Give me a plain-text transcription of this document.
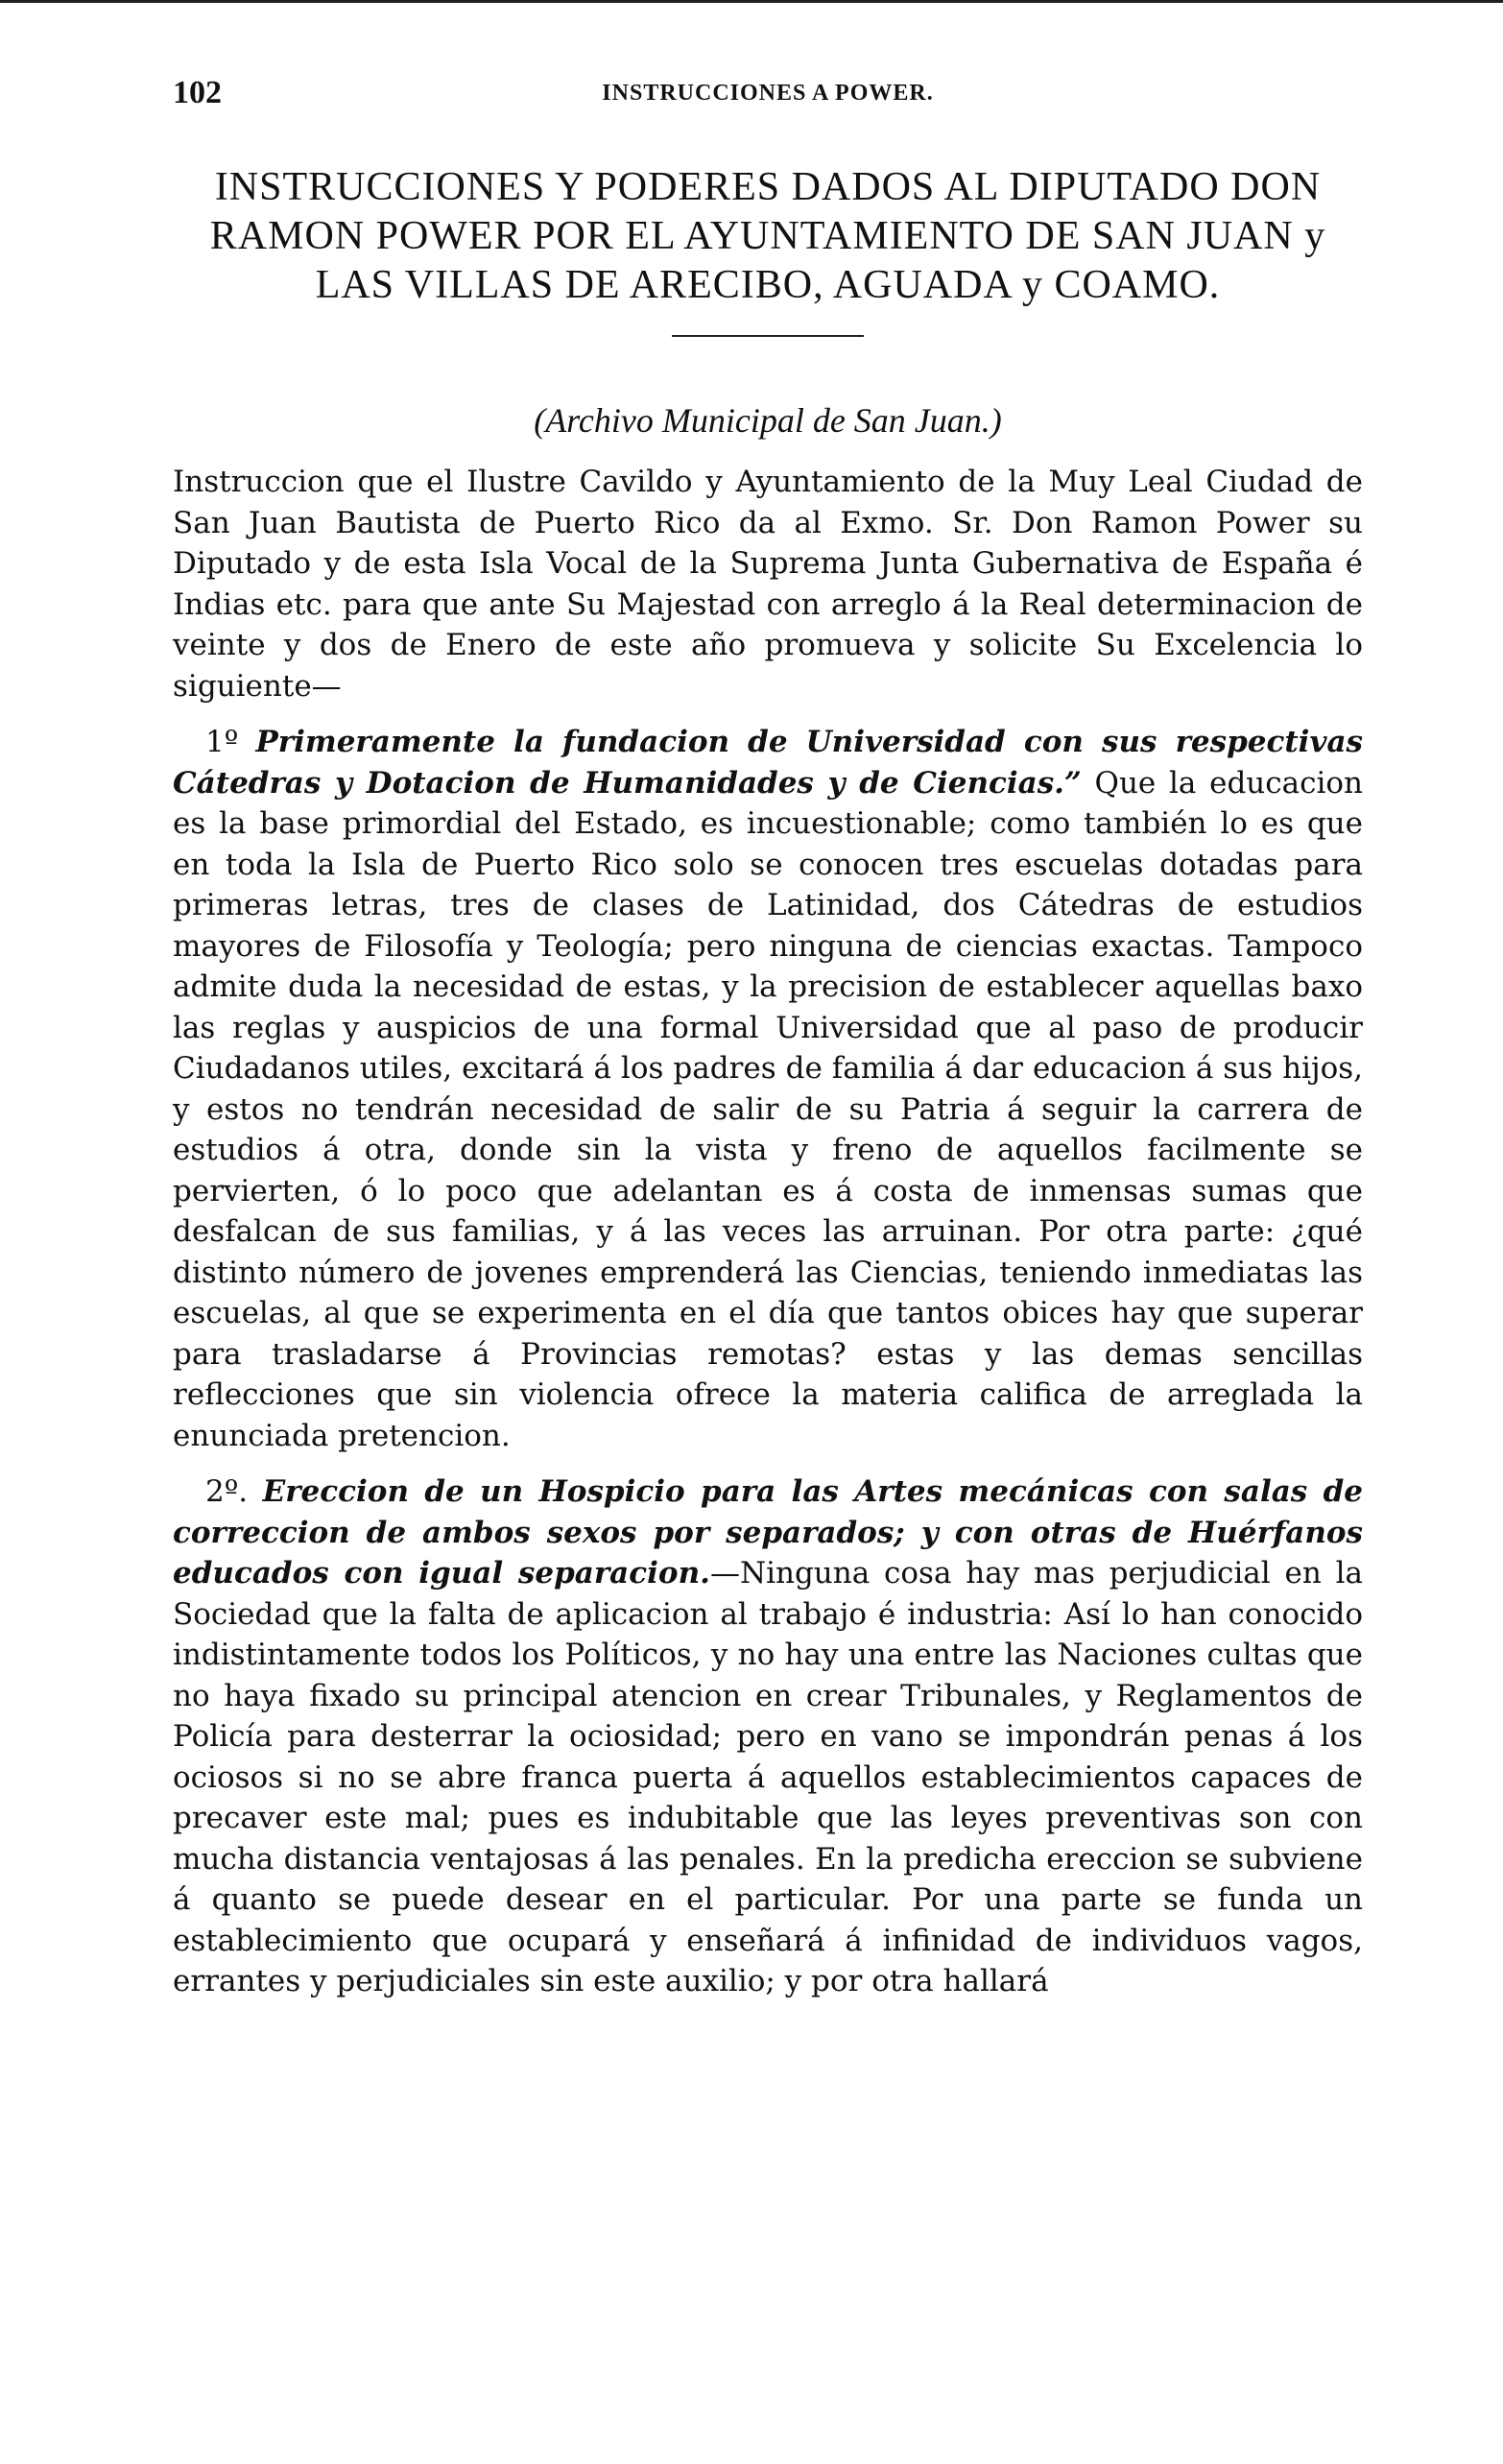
102	INSTRUCCIONES A POWER.
INSTRUCCIONES Y PODERES DADOS AL DIPUTADO DON RAMON POWER POR EL AYUNTAMIENTO DE SAN JUAN y LAS VILLAS DE ARECIBO, AGUADA y COAMO.

(Archivo Municipal de San Juan.)

Instruccion que el Ilustre Cavildo y Ayuntamiento de la Muy Leal Ciudad de San Juan Bautista de Puerto Rico da al Exmo. Sr. Don Ramon Power su Diputado y de esta Isla Vocal de la Suprema Junta Gubernativa de España é Indias etc. para que ante Su Majestad con arreglo á la Real determinacion de veinte y dos de Enero de este año promueva y solicite Su Excelencia lo siguiente—

1º Primeramente la fundacion de Universidad con sus respectivas Cátedras y Dotacion de Humanidades y de Ciencias.” Que la educacion es la base primordial del Estado, es incuestionable; como también lo es que en toda la Isla de Puerto Rico solo se conocen tres escuelas dotadas para primeras letras, tres de clases de Latinidad, dos Cátedras de estudios mayores de Filosofía y Teología; pero ninguna de ciencias exactas. Tampoco admite duda la necesidad de estas, y la precision de establecer aquellas baxo las reglas y auspicios de una formal Universidad que al paso de producir Ciudadanos utiles, excitará á los padres de familia á dar educacion á sus hijos, y estos no tendrán necesidad de salir de su Patria á seguir la carrera de estudios á otra, donde sin la vista y freno de aquellos facilmente se pervierten, ó lo poco que adelantan es á costa de inmensas sumas que desfalcan de sus familias, y á las veces las arruinan. Por otra parte: ¿qué distinto número de jovenes emprenderá las Ciencias, teniendo inmediatas las escuelas, al que se experimenta en el día que tantos obices hay que superar para trasladarse á Provincias remotas? estas y las demas sencillas reflecciones que sin violencia ofrece la materia califica de arreglada la enunciada pretencion.

2º. Ereccion de un Hospicio para las Artes mecánicas con salas de correccion de ambos sexos por separados; y con otras de Huérfanos educados con igual separacion.—Ninguna cosa hay mas perjudicial en la Sociedad que la falta de aplicacion al trabajo é industria: Así lo han conocido indistintamente todos los Políticos, y no hay una entre las Naciones cultas que no haya fixado su principal atencion en crear Tribunales, y Reglamentos de Policía para desterrar la ociosidad; pero en vano se impondrán penas á los ociosos si no se abre franca puerta á aquellos establecimientos capaces de precaver este mal; pues es indubitable que las leyes preventivas son con mucha distancia ventajosas á las penales. En la predicha ereccion se subviene á quanto se puede desear en el particular. Por una parte se funda un establecimiento que ocupará y enseñará á infinidad de individuos vagos, errantes y perjudiciales sin este auxilio; y por otra hallará
